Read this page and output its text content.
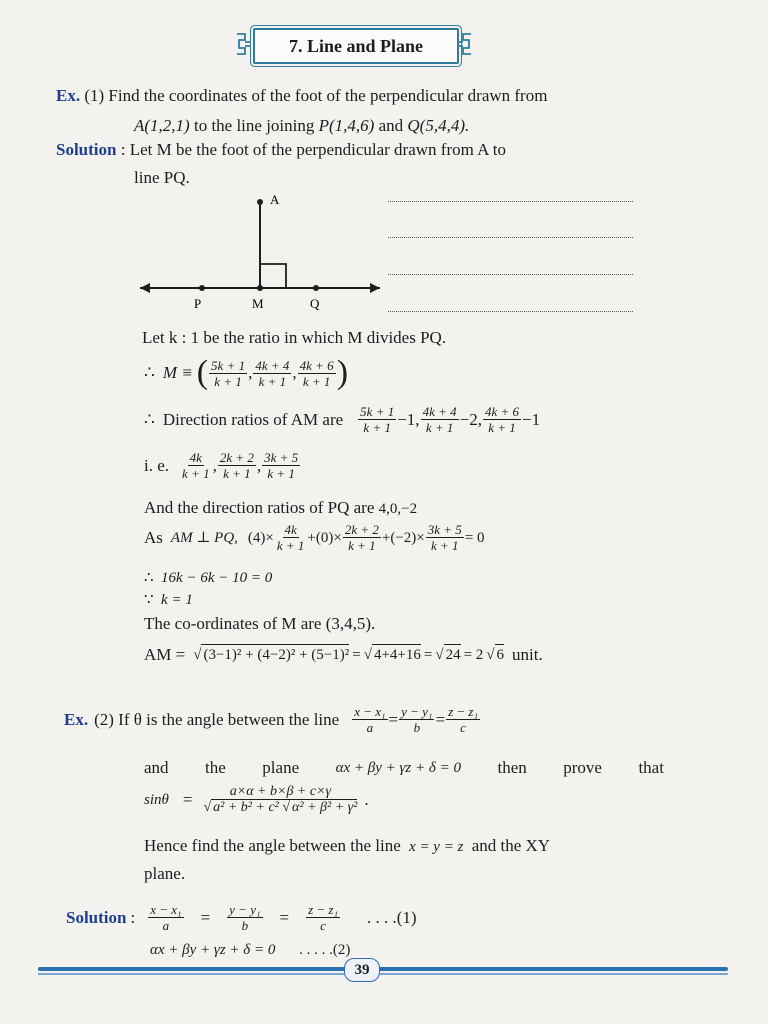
7. Line and Plane
Ex. (1) Find the coordinates of the foot of the perpendicular drawn from
A(1,2,1) to the line joining P(1,4,6) and Q(5,4,4).
Solution : Let M be the foot of the perpendicular drawn from A to
line PQ.
A
P	M	Q
Let k : 1 be the ratio in which M divides PQ.
∴ M ≡ ( $\frac{5k + 1}{k + 1}$ , $\frac{4k + 4}{k + 1}$ , $\frac{4k + 6}{k + 1}$ )
∴ Direction ratios of AM are $\frac{5k + 1}{k + 1} -1$, $\frac{4k + 4}{k + 1} -2$, $\frac{4k + 6}{k + 1} -1$
i. e. $\frac{4k}{k + 1}$ , $\frac{2k + 2}{k + 1}$ , $\frac{3k + 5}{k + 1}$
And the direction ratios of PQ are 4,0,−2
As AM ⊥ PQ, $(4)\times \frac{4k}{k + 1} +(0)\times \frac{2k + 2}{k + 1} +(-2)\times \frac{3k + 5}{k + 1} = 0$
∴ 16k − 6k − 10 = 0
∵ k = 1
The co-ordinates of M are (3,4,5).
AM = √ (3−1)² + (4−2)² + (5−1)² = √ 4+4+16 = √ 24 = 2 √ 6 unit.
Ex. (2) If θ is the angle between the line $\frac{\text{x − x₁}}{a} = \frac{\text{y − y₁}}{b} = \frac{\text{z − z₁}}{c}$
and the plane αx + βy + γz + δ = 0 then prove that
$\sin\theta = \frac{a\times\alpha + b\times\beta + c\times\gamma}{\text{√ a² + b² + c² √ α² + β² + γ²}}$ .
Hence find the angle between the line x = y = z and the XY
plane.
Solution : $\frac{\text{x − x₁}}{a} = \frac{\text{y − y₁}}{b} = \frac{\text{z − z₁}}{c}$ . . . .(1)
αx + βy + γz + δ = 0 . . . . .(2)
39
